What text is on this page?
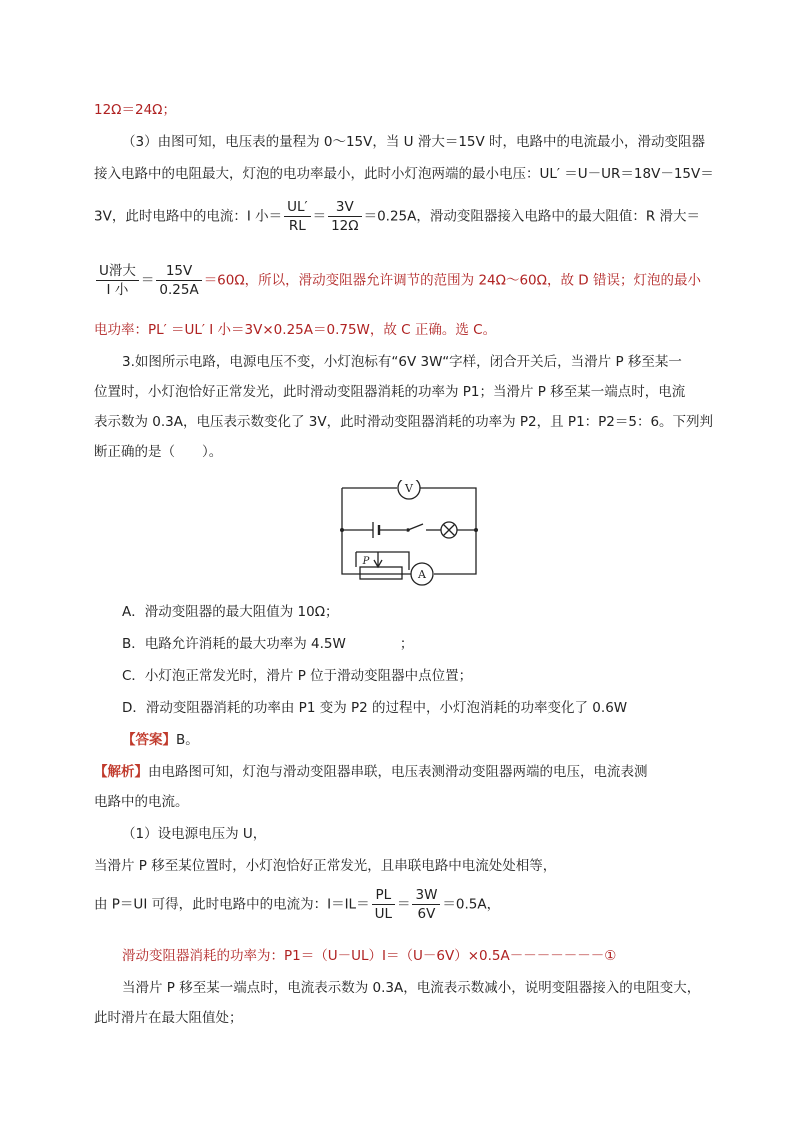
12Ω＝24Ω；
（3）由图可知，电压表的量程为 0～15V，当 U 滑大＝15V 时，电路中的电流最小，滑动变阻器
接入电路中的电阻最大，灯泡的电功率最小，此时小灯泡两端的最小电压：UL′ ＝U－UR＝18V－15V＝
3V，此时电路中的电流：I 小＝ $\frac{UL'}{RL} = \frac{3V}{12\Omega} =0.25A$，滑动变阻器接入电路中的最大阻值：R 滑大＝
$\frac{\text{U滑大}}{\text{I 小}} = \frac{15V}{0.25A} =60\Omega$，所以，滑动变阻器允许调节的范围为 24Ω～60Ω，故 D 错误；灯泡的最小
电功率：PL′ ＝UL′ I 小＝3V×0.25A＝0.75W，故 C 正确。选 C。
3.如图所示电路，电源电压不变，小灯泡标有“6V 3W“字样，闭合开关后，当滑片 P 移至某一
位置时，小灯泡恰好正常发光，此时滑动变阻器消耗的功率为 P1；当滑片 P 移至某一端点时，电流
表示数为 0.3A，电压表示数变化了 3V，此时滑动变阻器消耗的功率为 P2，且 P1：P2＝5：6。下列判
断正确的是（　　）。
V
A
P
A．滑动变阻器的最大阻值为 10Ω；
B．电路允许消耗的最大功率为 4.5W　　　　；
C．小灯泡正常发光时，滑片 P 位于滑动变阻器中点位置；
D．滑动变阻器消耗的功率由 P1 变为 P2 的过程中，小灯泡消耗的功率变化了 0.6W
【答案】B。
【解析】由电路图可知，灯泡与滑动变阻器串联，电压表测滑动变阻器两端的电压，电流表测
电路中的电流。
（1）设电源电压为 U，
当滑片 P 移至某位置时，小灯泡恰好正常发光，且串联电路中电流处处相等，
由 P＝UI 可得，此时电路中的电流为：$I=IL= \frac{PL}{UL} = \frac{3W}{6V} =0.5A$，
滑动变阻器消耗的功率为：P1＝（U－UL）I＝（U－6V）×0.5A－－－－－－－①
当滑片 P 移至某一端点时，电流表示数为 0.3A，电流表示数减小，说明变阻器接入的电阻变大，
此时滑片在最大阻值处；
